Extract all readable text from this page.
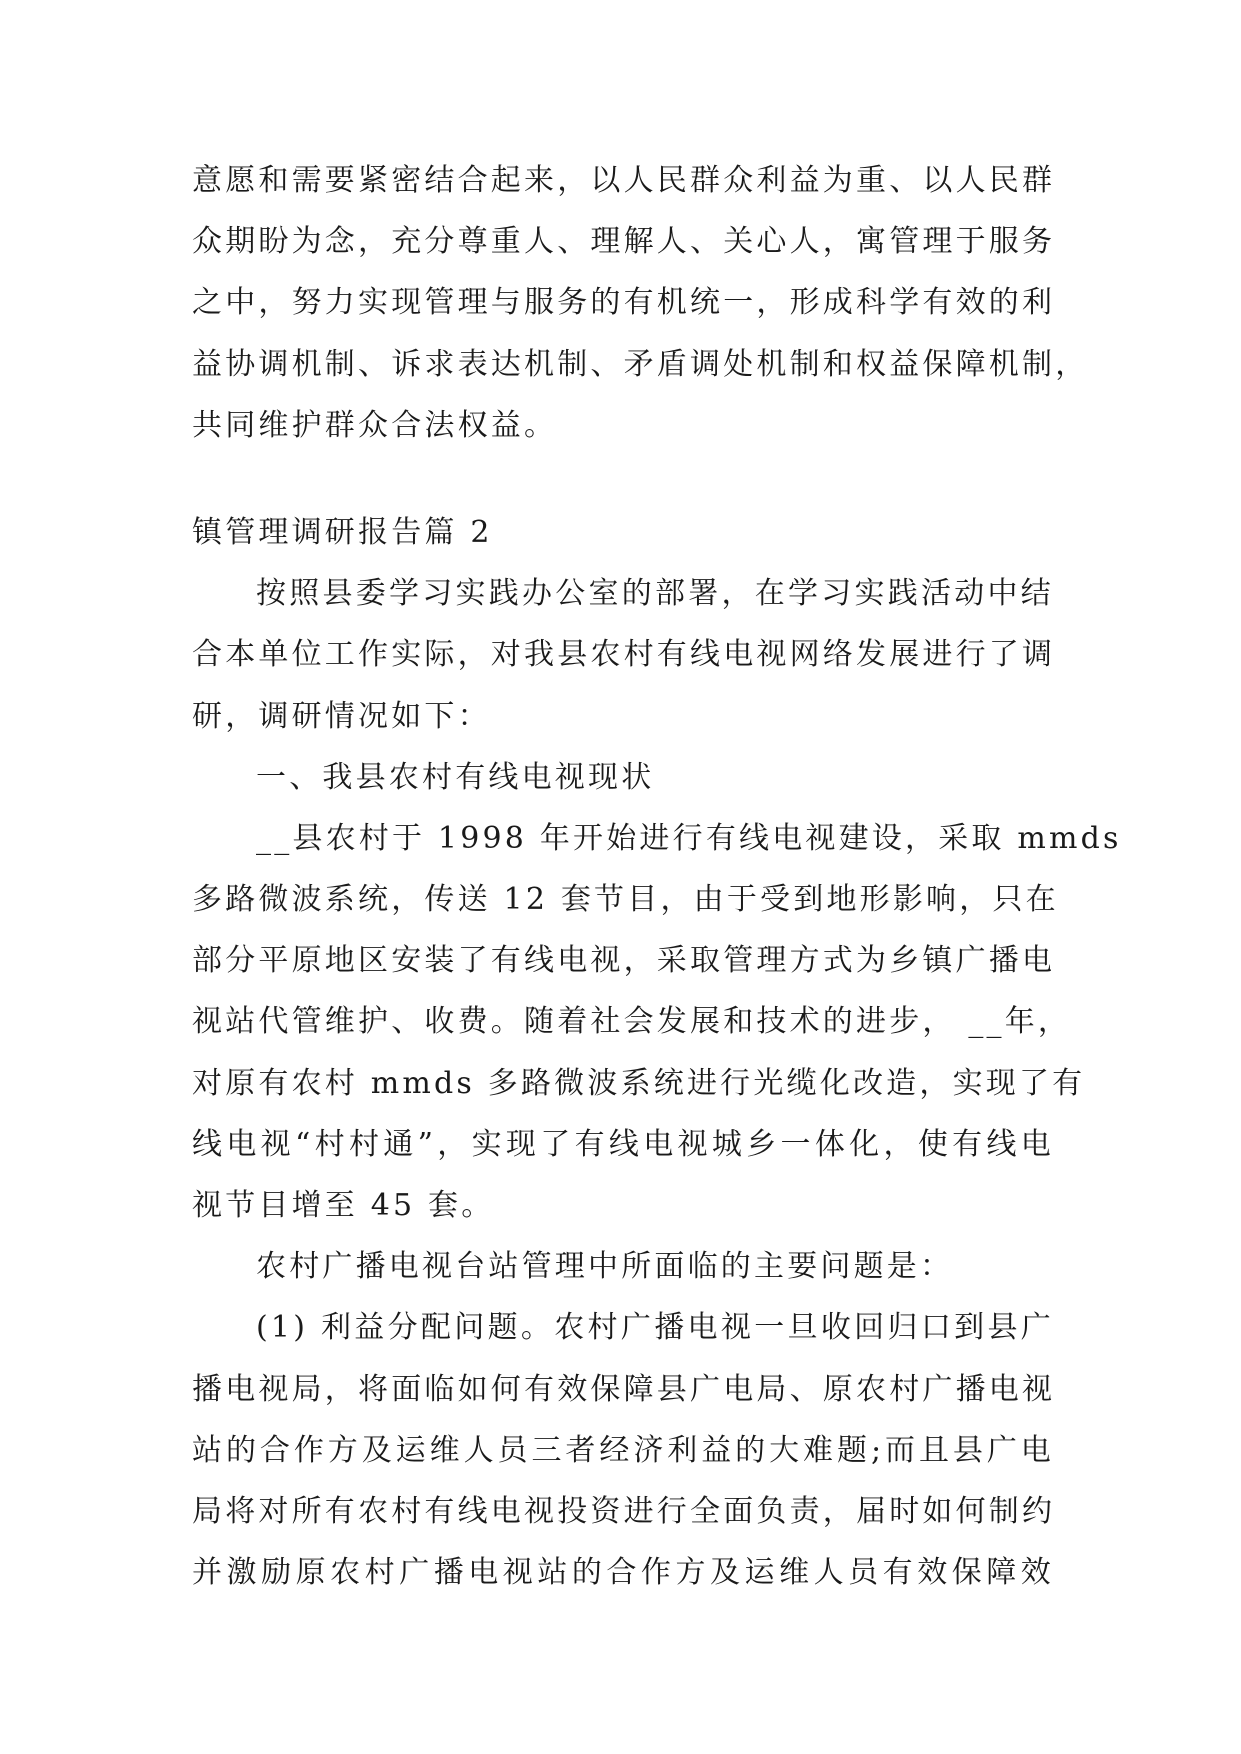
意愿和需要紧密结合起来，以人民群众利益为重、以人民群
众期盼为念，充分尊重人、理解人、关心人，寓管理于服务
之中，努力实现管理与服务的有机统一，形成科学有效的利
益协调机制、诉求表达机制、矛盾调处机制和权益保障机制，
共同维护群众合法权益。
镇管理调研报告篇 2
按照县委学习实践办公室的部署，在学习实践活动中结
合本单位工作实际，对我县农村有线电视网络发展进行了调
研，调研情况如下：
一、我县农村有线电视现状
__县农村于 1998 年开始进行有线电视建设，采取 mmds
多路微波系统，传送 12 套节目，由于受到地形影响，只在
部分平原地区安装了有线电视，采取管理方式为乡镇广播电
视站代管维护、收费。随着社会发展和技术的进步， __年，
对原有农村 mmds 多路微波系统进行光缆化改造，实现了有
线电视“村村通”，实现了有线电视城乡一体化，使有线电
视节目增至 45 套。
农村广播电视台站管理中所面临的主要问题是：
(1) 利益分配问题。农村广播电视一旦收回归口到县广
播电视局，将面临如何有效保障县广电局、原农村广播电视
站的合作方及运维人员三者经济利益的大难题;而且县广电
局将对所有农村有线电视投资进行全面负责，届时如何制约
并激励原农村广播电视站的合作方及运维人员有效保障效
